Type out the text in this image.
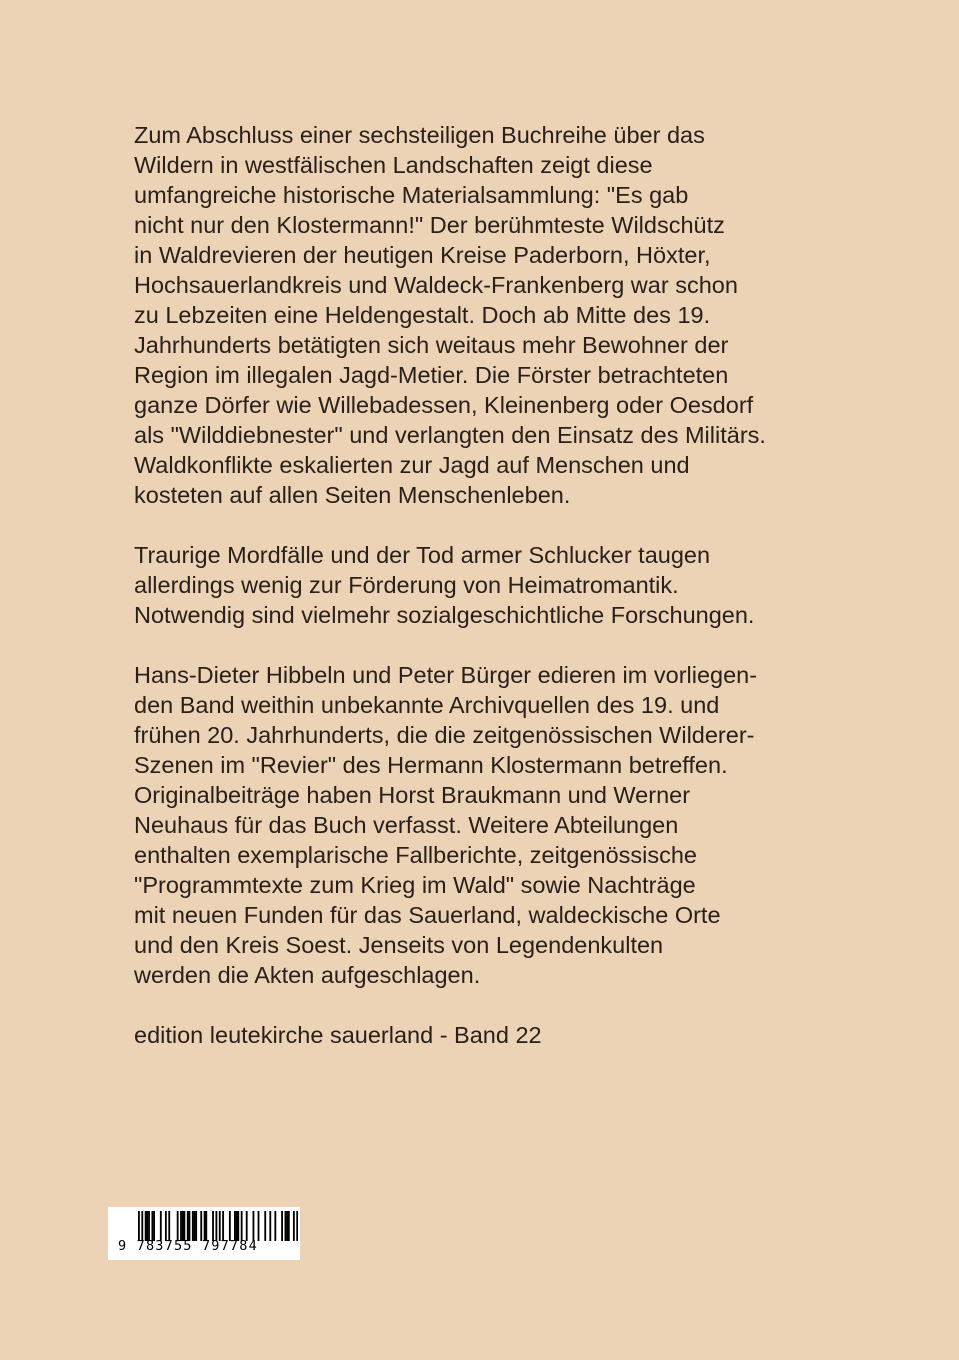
Zum Abschluss einer sechsteiligen Buchreihe über das
Wildern in westfälischen Landschaften zeigt diese
umfangreiche historische Materialsammlung: "Es gab
nicht nur den Klostermann!" Der berühmteste Wildschütz
in Waldrevieren der heutigen Kreise Paderborn, Höxter,
Hochsauerlandkreis und Waldeck-Frankenberg war schon
zu Lebzeiten eine Heldengestalt. Doch ab Mitte des 19.
Jahrhunderts betätigten sich weitaus mehr Bewohner der
Region im illegalen Jagd-Metier. Die Förster betrachteten
ganze Dörfer wie Willebadessen, Kleinenberg oder Oesdorf
als "Wilddiebnester" und verlangten den Einsatz des Militärs.
Waldkonflikte eskalierten zur Jagd auf Menschen und
kosteten auf allen Seiten Menschenleben.
Traurige Mordfälle und der Tod armer Schlucker taugen
allerdings wenig zur Förderung von Heimatromantik.
Notwendig sind vielmehr sozialgeschichtliche Forschungen.
Hans-Dieter Hibbeln und Peter Bürger edieren im vorliegen-
den Band weithin unbekannte Archivquellen des 19. und
frühen 20. Jahrhunderts, die die zeitgenössischen Wilderer-
Szenen im "Revier" des Hermann Klostermann betreffen.
Originalbeiträge haben Horst Braukmann und Werner
Neuhaus für das Buch verfasst. Weitere Abteilungen
enthalten exemplarische Fallberichte, zeitgenössische
"Programmtexte zum Krieg im Wald" sowie Nachträge
mit neuen Funden für das Sauerland, waldeckische Orte
und den Kreis Soest. Jenseits von Legendenkulten
werden die Akten aufgeschlagen.
edition leutekirche sauerland - Band 22
9 783755 797784
